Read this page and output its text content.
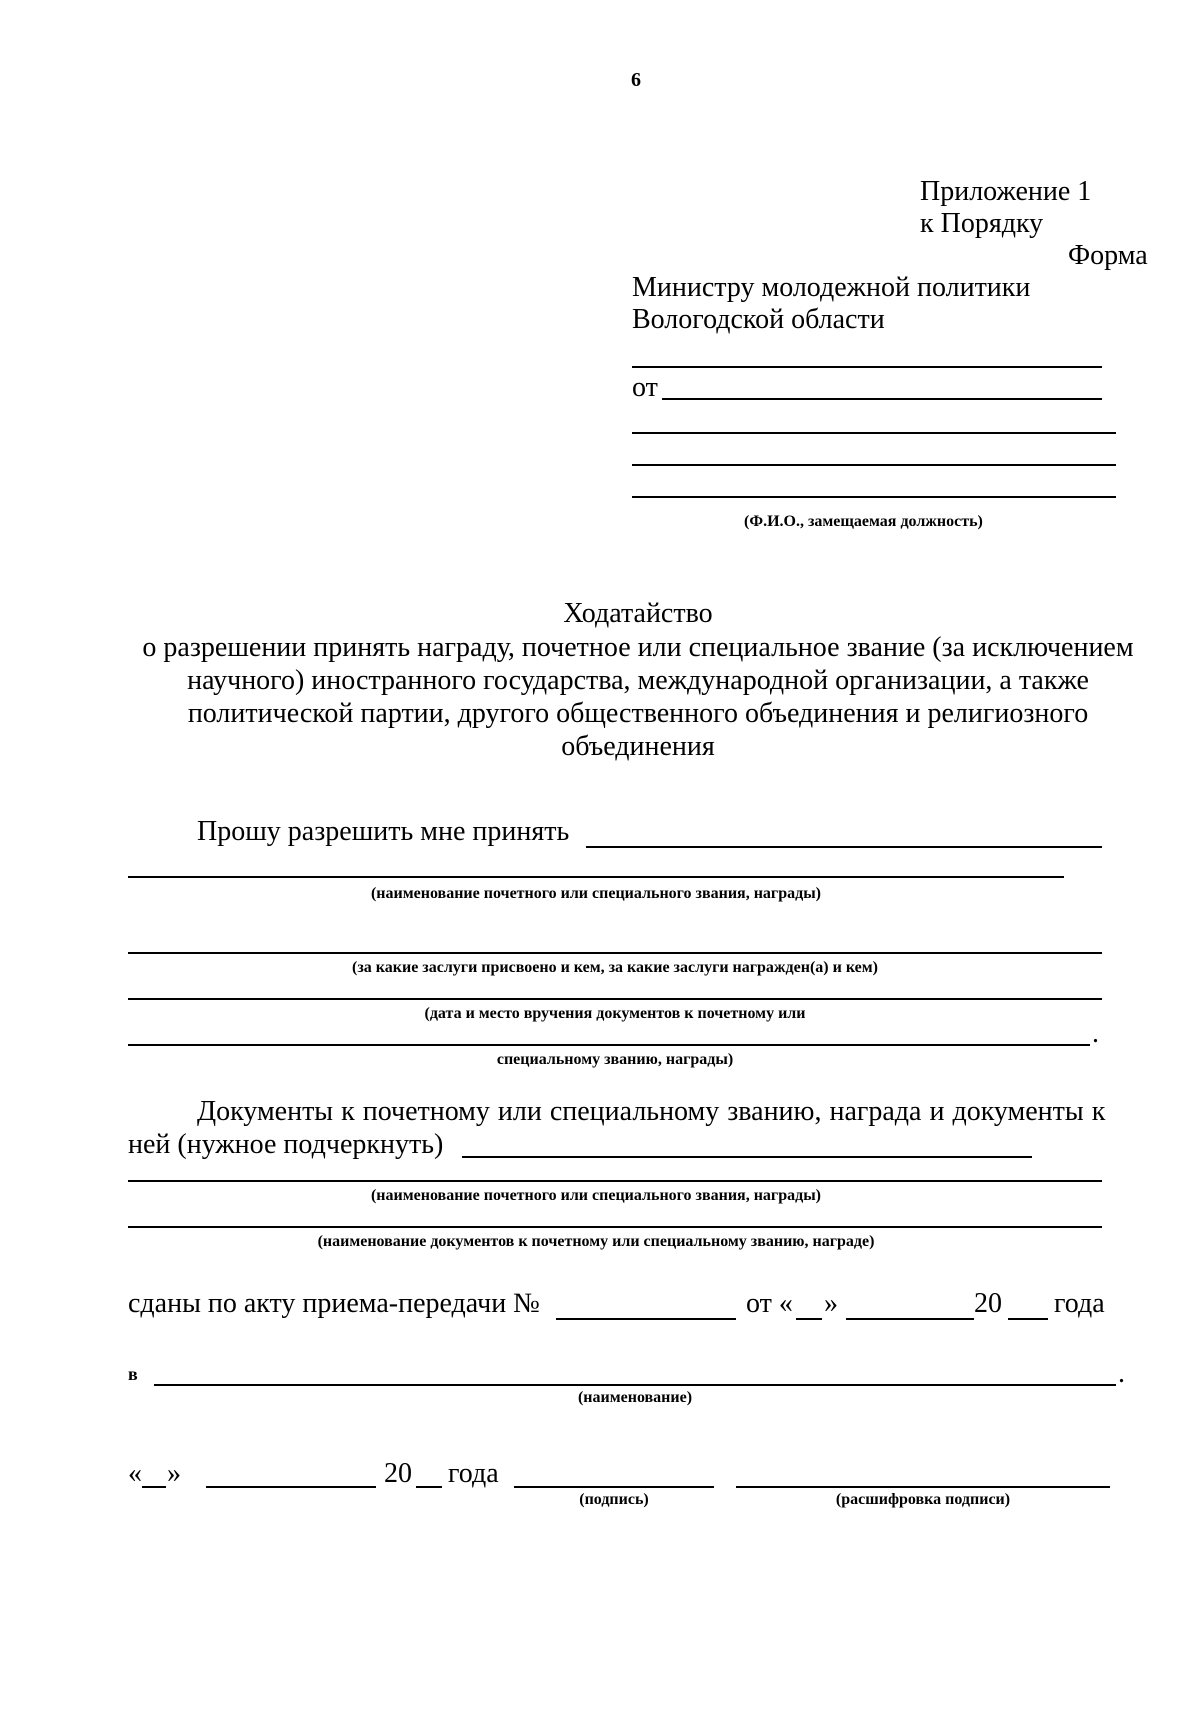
6
Приложение 1
к Порядку
Форма
Министру молодежной политики
Вологодской области
от
(Ф.И.О., замещаемая должность)
Ходатайство
о разрешении принять награду, почетное или специальное звание (за исключением
научного) иностранного государства, международной организации, а также
политической партии, другого общественного объединения и религиозного
объединения
Прошу разрешить мне принять
(наименование почетного или специального звания, награды)
(за какие заслуги присвоено и кем, за какие заслуги награжден(а) и кем)
(дата и место вручения документов к почетному или
.
специальному званию, награды)
Документы к почетному или специальному званию, награда и документы к
ней (нужное подчеркнуть)
(наименование почетного или специального звания, награды)
(наименование документов к почетному или специальному званию, награде)
сданы по акту приема-передачи №	от « »	20 года
в	.
(наименование)
« »	20 года
(подпись)	(расшифровка подписи)
